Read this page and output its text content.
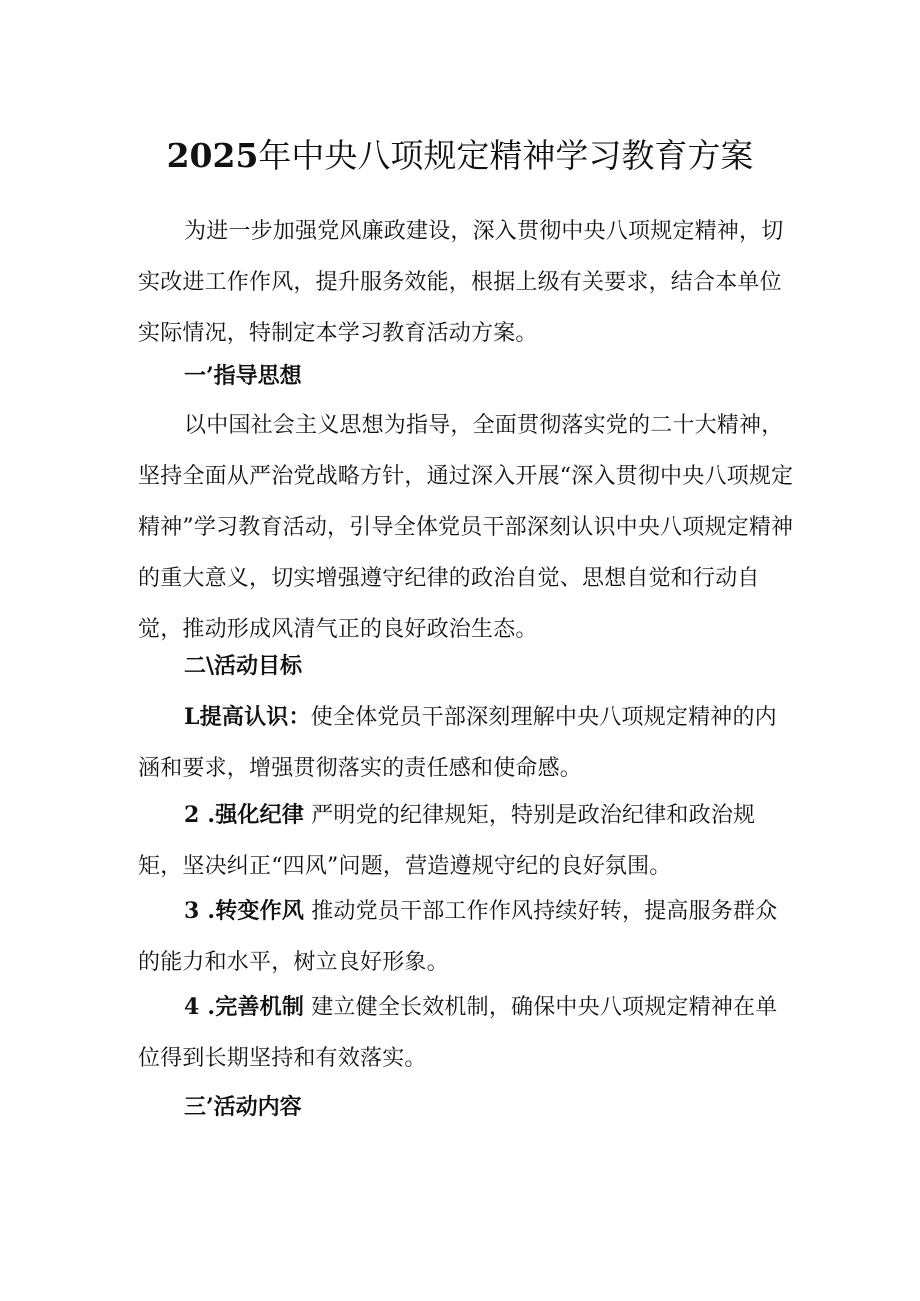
2025年中央八项规定精神学习教育方案

为进一步加强党风廉政建设，深入贯彻中央八项规定精神，切实改进工作作风，提升服务效能，根据上级有关要求，结合本单位实际情况，特制定本学习教育活动方案。

一’指导思想

以中国社会主义思想为指导，全面贯彻落实党的二十大精神，坚持全面从严治党战略方针，通过深入开展“深入贯彻中央八项规定精神”学习教育活动，引导全体党员干部深刻认识中央八项规定精神的重大意义，切实增强遵守纪律的政治自觉、思想自觉和行动自觉，推动形成风清气正的良好政治生态。

二\活动目标

L提高认识：使全体党员干部深刻理解中央八项规定精神的内涵和要求，增强贯彻落实的责任感和使命感。

2 .强化纪律 严明党的纪律规矩，特别是政治纪律和政治规矩，坚决纠正“四风”问题，营造遵规守纪的良好氛围。

3 .转变作风 推动党员干部工作作风持续好转，提高服务群众的能力和水平，树立良好形象。

4 .完善机制 建立健全长效机制，确保中央八项规定精神在单位得到长期坚持和有效落实。

三’活动内容
